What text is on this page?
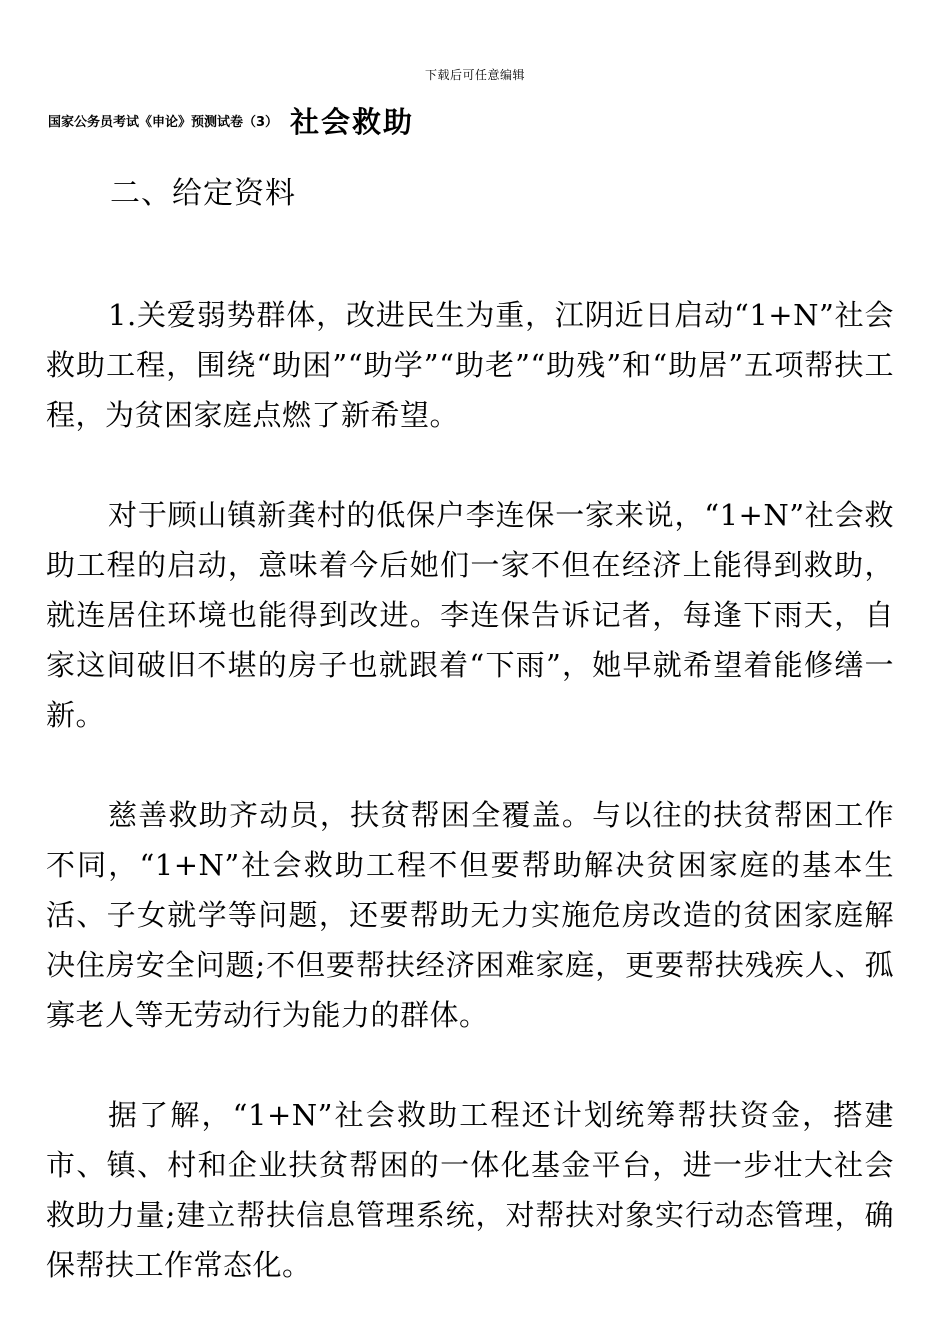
下载后可任意编辑
国家公务员考试《申论》预测试卷（3） 社会救助
二、给定资料

1.关爱弱势群体，改进民生为重，江阴近日启动“1+N”社会救助工程，围绕“助困”“助学”“助老”“助残”和“助居”五项帮扶工程，为贫困家庭点燃了新希望。

对于顾山镇新龚村的低保户李连保一家来说，“1+N”社会救助工程的启动，意味着今后她们一家不但在经济上能得到救助，就连居住环境也能得到改进。李连保告诉记者，每逢下雨天，自家这间破旧不堪的房子也就跟着“下雨”，她早就希望着能修缮一新。

慈善救助齐动员，扶贫帮困全覆盖。与以往的扶贫帮困工作不同，“1+N”社会救助工程不但要帮助解决贫困家庭的基本生活、子女就学等问题，还要帮助无力实施危房改造的贫困家庭解决住房安全问题;不但要帮扶经济困难家庭，更要帮扶残疾人、孤寡老人等无劳动行为能力的群体。

据了解，“1+N”社会救助工程还计划统筹帮扶资金，搭建市、镇、村和企业扶贫帮困的一体化基金平台，进一步壮大社会救助力量;建立帮扶信息管理系统，对帮扶对象实行动态管理，确保帮扶工作常态化。
